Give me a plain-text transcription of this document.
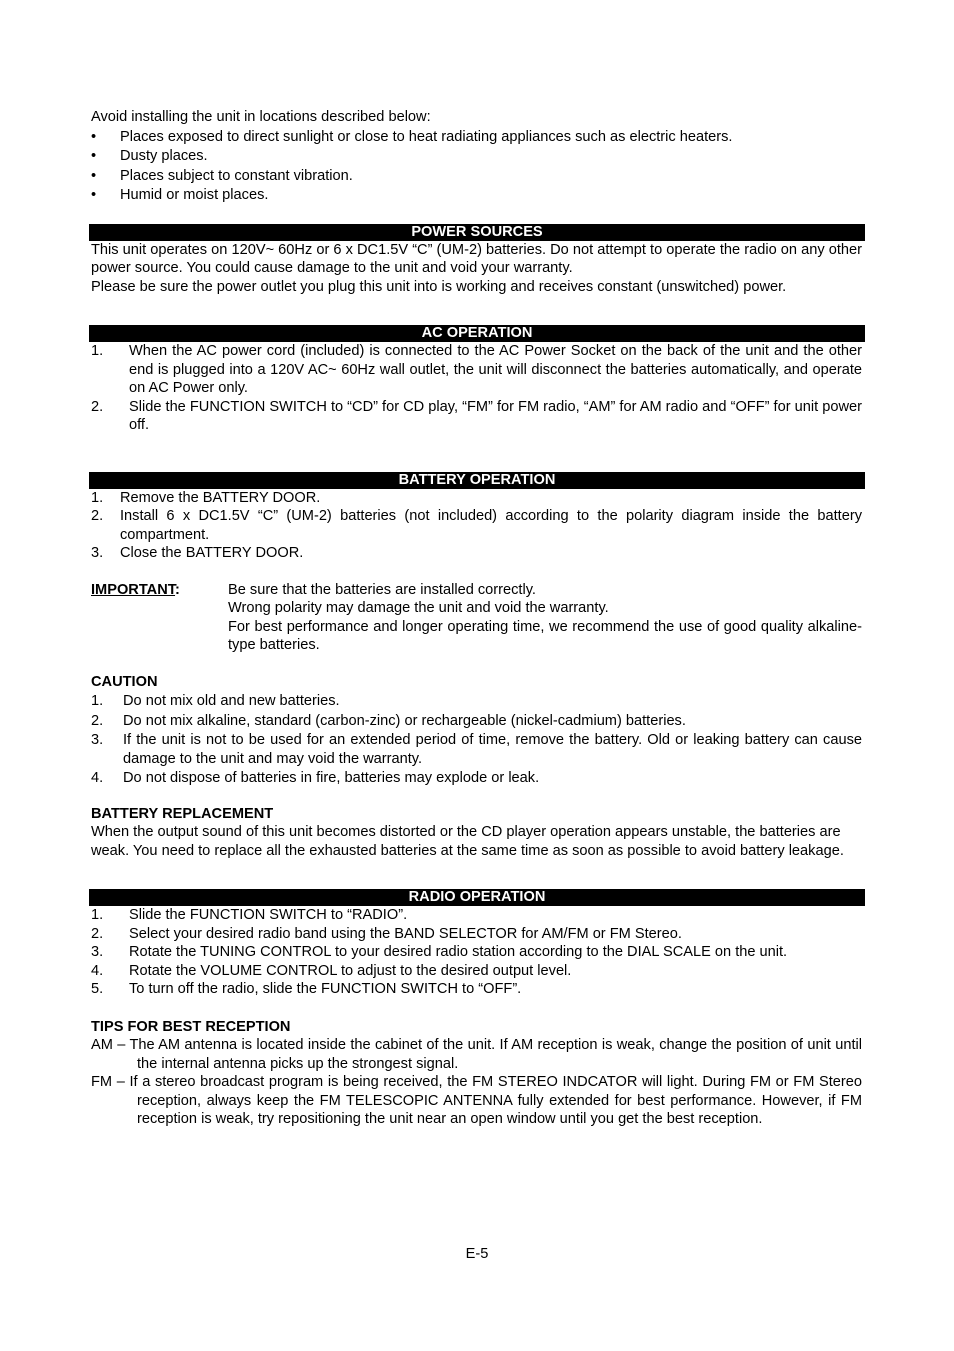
Avoid installing the unit in locations described below:

• Places exposed to direct sunlight or close to heat radiating appliances such as electric heaters.
• Dusty places.
• Places subject to constant vibration.
• Humid or moist places.
POWER SOURCES

This unit operates on 120V~ 60Hz or 6 x DC1.5V “C” (UM-2) batteries. Do not attempt to operate the radio on any other power source. You could cause damage to the unit and void your warranty.

Please be sure the power outlet you plug this unit into is working and receives constant (unswitched) power.

AC OPERATION
1. When the AC power cord (included) is connected to the AC Power Socket on the back of the unit and the other end is plugged into a 120V AC~ 60Hz wall outlet, the unit will disconnect the batteries automatically, and operate on AC Power only.
2. Slide the FUNCTION SWITCH to “CD” for CD play, “FM” for FM radio, “AM” for AM radio and “OFF” for unit power off.
BATTERY OPERATION
1. Remove the BATTERY DOOR.
2. Install 6 x DC1.5V “C” (UM-2) batteries (not included) according to the polarity diagram inside the battery compartment.
3. Close the BATTERY DOOR.
IMPORTANT:	Be sure that the batteries are installed correctly.
Wrong polarity may damage the unit and void the warranty.
For best performance and longer operating time, we recommend the use of good quality alkaline-type batteries.

CAUTION

1. Do not mix old and new batteries.
2. Do not mix alkaline, standard (carbon-zinc) or rechargeable (nickel-cadmium) batteries.
3. If the unit is not to be used for an extended period of time, remove the battery. Old or leaking battery can cause damage to the unit and may void the warranty.
4. Do not dispose of batteries in fire, batteries may explode or leak.

BATTERY REPLACEMENT

When the output sound of this unit becomes distorted or the CD player operation appears unstable, the batteries are weak. You need to replace all the exhausted batteries at the same time as soon as possible to avoid battery leakage.

RADIO OPERATION
1. Slide the FUNCTION SWITCH to “RADIO”.
2. Select your desired radio band using the BAND SELECTOR for AM/FM or FM Stereo.
3. Rotate the TUNING CONTROL to your desired radio station according to the DIAL SCALE on the unit.
4. Rotate the VOLUME CONTROL to adjust to the desired output level.
5. To turn off the radio, slide the FUNCTION SWITCH to “OFF”.

TIPS FOR BEST RECEPTION

AM – The AM antenna is located inside the cabinet of the unit. If AM reception is weak, change the position of unit until the internal antenna picks up the strongest signal.

FM – If a stereo broadcast program is being received, the FM STEREO INDCATOR will light. During FM or FM Stereo reception, always keep the FM TELESCOPIC ANTENNA fully extended for best performance. However, if FM reception is weak, try repositioning the unit near an open window until you get the best reception.

E-5
